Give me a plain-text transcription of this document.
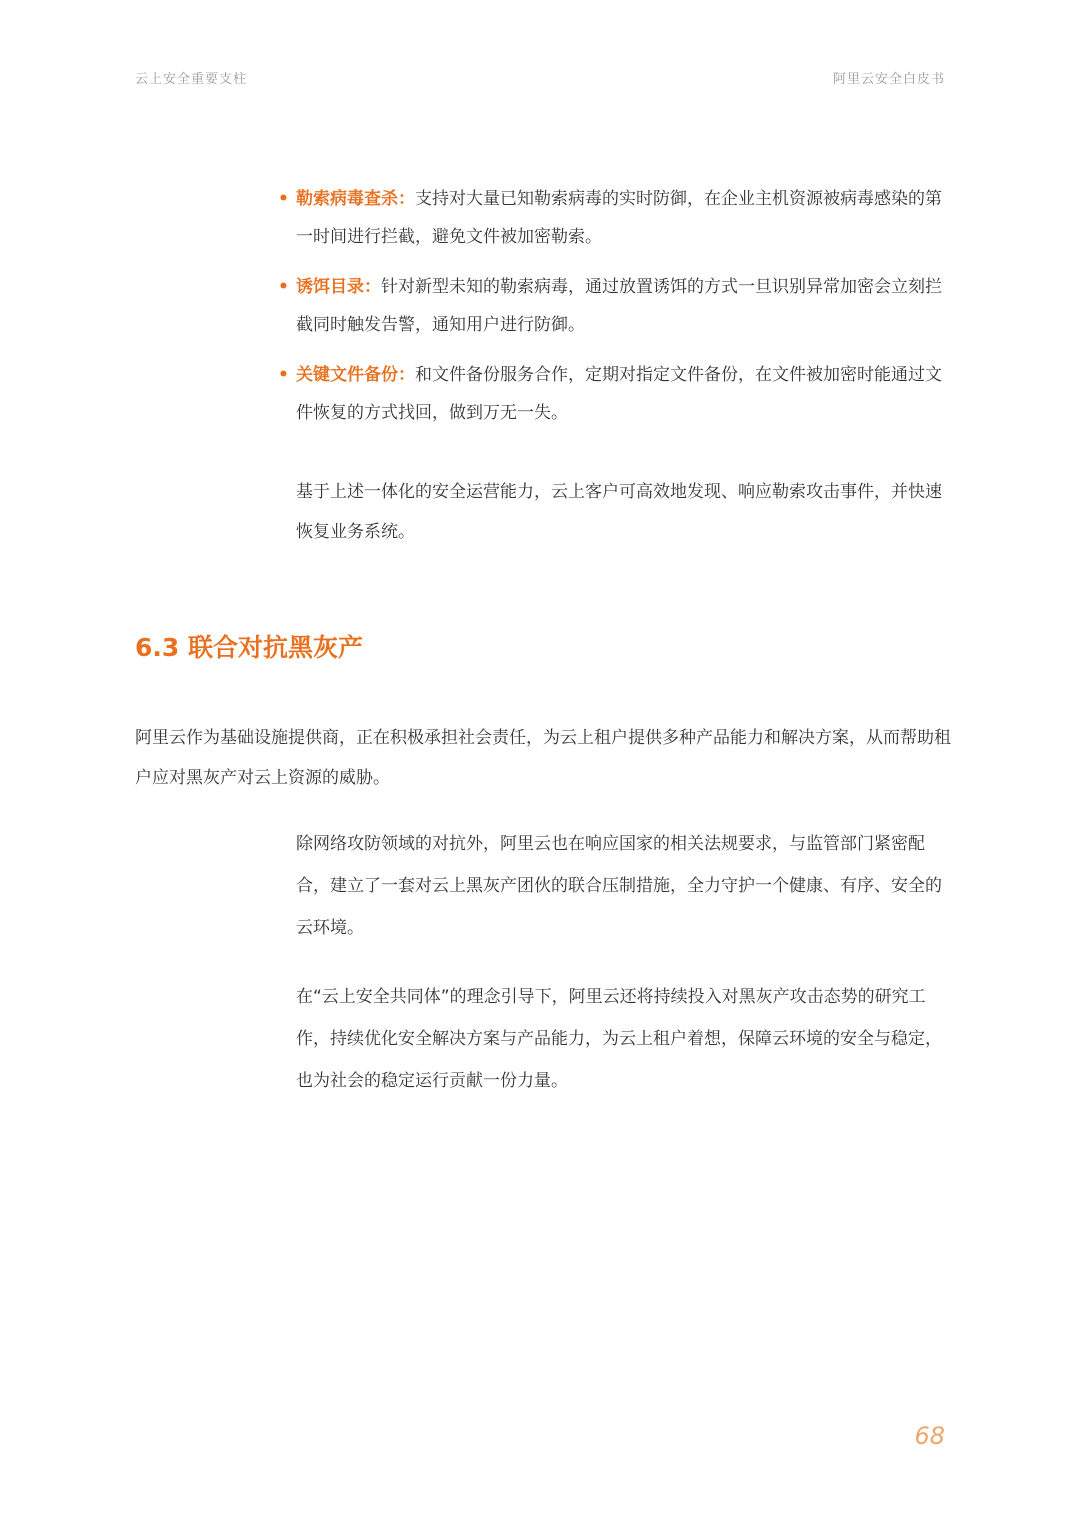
云上安全重要支柱	阿里云安全白皮书
• 勒索病毒查杀：支持对大量已知勒索病毒的实时防御，在企业主机资源被病毒感染的第一时间进行拦截，避免文件被加密勒索。
• 诱饵目录：针对新型未知的勒索病毒，通过放置诱饵的方式一旦识别异常加密会立刻拦截同时触发告警，通知用户进行防御。
• 关键文件备份：和文件备份服务合作，定期对指定文件备份，在文件被加密时能通过文件恢复的方式找回，做到万无一失。

基于上述一体化的安全运营能力，云上客户可高效地发现、响应勒索攻击事件，并快速恢复业务系统。

6.3 联合对抗黑灰产

阿里云作为基础设施提供商，正在积极承担社会责任，为云上租户提供多种产品能力和解决方案，从而帮助租户应对黑灰产对云上资源的威胁。

除网络攻防领域的对抗外，阿里云也在响应国家的相关法规要求，与监管部门紧密配合，建立了一套对云上黑灰产团伙的联合压制措施，全力守护一个健康、有序、安全的云环境。

在“云上安全共同体”的理念引导下，阿里云还将持续投入对黑灰产攻击态势的研究工作，持续优化安全解决方案与产品能力，为云上租户着想，保障云环境的安全与稳定，也为社会的稳定运行贡献一份力量。

68
